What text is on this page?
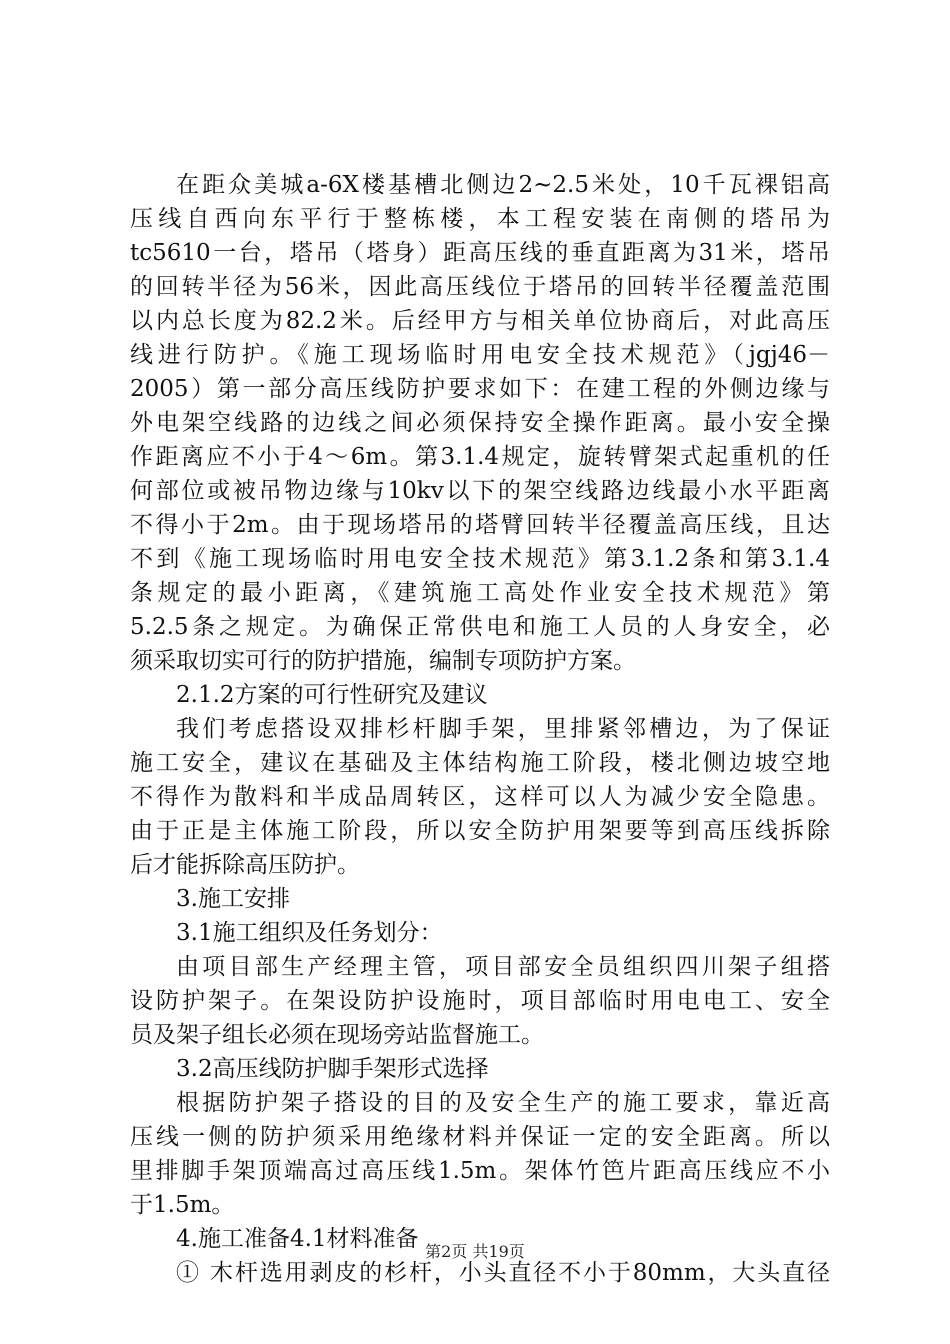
在距众美城a-6X楼基槽北侧边2~2.5米处，10千瓦裸铝高
压线自西向东平行于整栋楼，本工程安装在南侧的塔吊为
tc5610一台，塔吊（塔身）距高压线的垂直距离为31米，塔吊
的回转半径为56米，因此高压线位于塔吊的回转半径覆盖范围
以内总长度为82.2米。后经甲方与相关单位协商后，对此高压
线进行防护。《施工现场临时用电安全技术规范》（jgj46－
2005）第一部分高压线防护要求如下：在建工程的外侧边缘与
外电架空线路的边线之间必须保持安全操作距离。最小安全操
作距离应不小于4～6m。第3.1.4规定，旋转臂架式起重机的任
何部位或被吊物边缘与10kv以下的架空线路边线最小水平距离
不得小于2m。由于现场塔吊的塔臂回转半径覆盖高压线，且达
不到《施工现场临时用电安全技术规范》第3.1.2条和第3.1.4
条规定的最小距离，《建筑施工高处作业安全技术规范》第
5.2.5条之规定。为确保正常供电和施工人员的人身安全，必
须采取切实可行的防护措施，编制专项防护方案。
2.1.2方案的可行性研究及建议
我们考虑搭设双排杉杆脚手架，里排紧邻槽边，为了保证
施工安全，建议在基础及主体结构施工阶段，楼北侧边坡空地
不得作为散料和半成品周转区，这样可以人为减少安全隐患。
由于正是主体施工阶段，所以安全防护用架要等到高压线拆除
后才能拆除高压防护。
3.施工安排
3.1施工组织及任务划分：
由项目部生产经理主管，项目部安全员组织四川架子组搭
设防护架子。在架设防护设施时，项目部临时用电电工、安全
员及架子组长必须在现场旁站监督施工。
3.2高压线防护脚手架形式选择
根据防护架子搭设的目的及安全生产的施工要求，靠近高
压线一侧的防护须采用绝缘材料并保证一定的安全距离。所以
里排脚手架顶端高过高压线1.5m。架体竹笆片距高压线应不小
于1.5m。
4.施工准备4.1材料准备
① 木杆选用剥皮的杉杆，小头直径不小于80mm，大头直径
第2页 共19页
